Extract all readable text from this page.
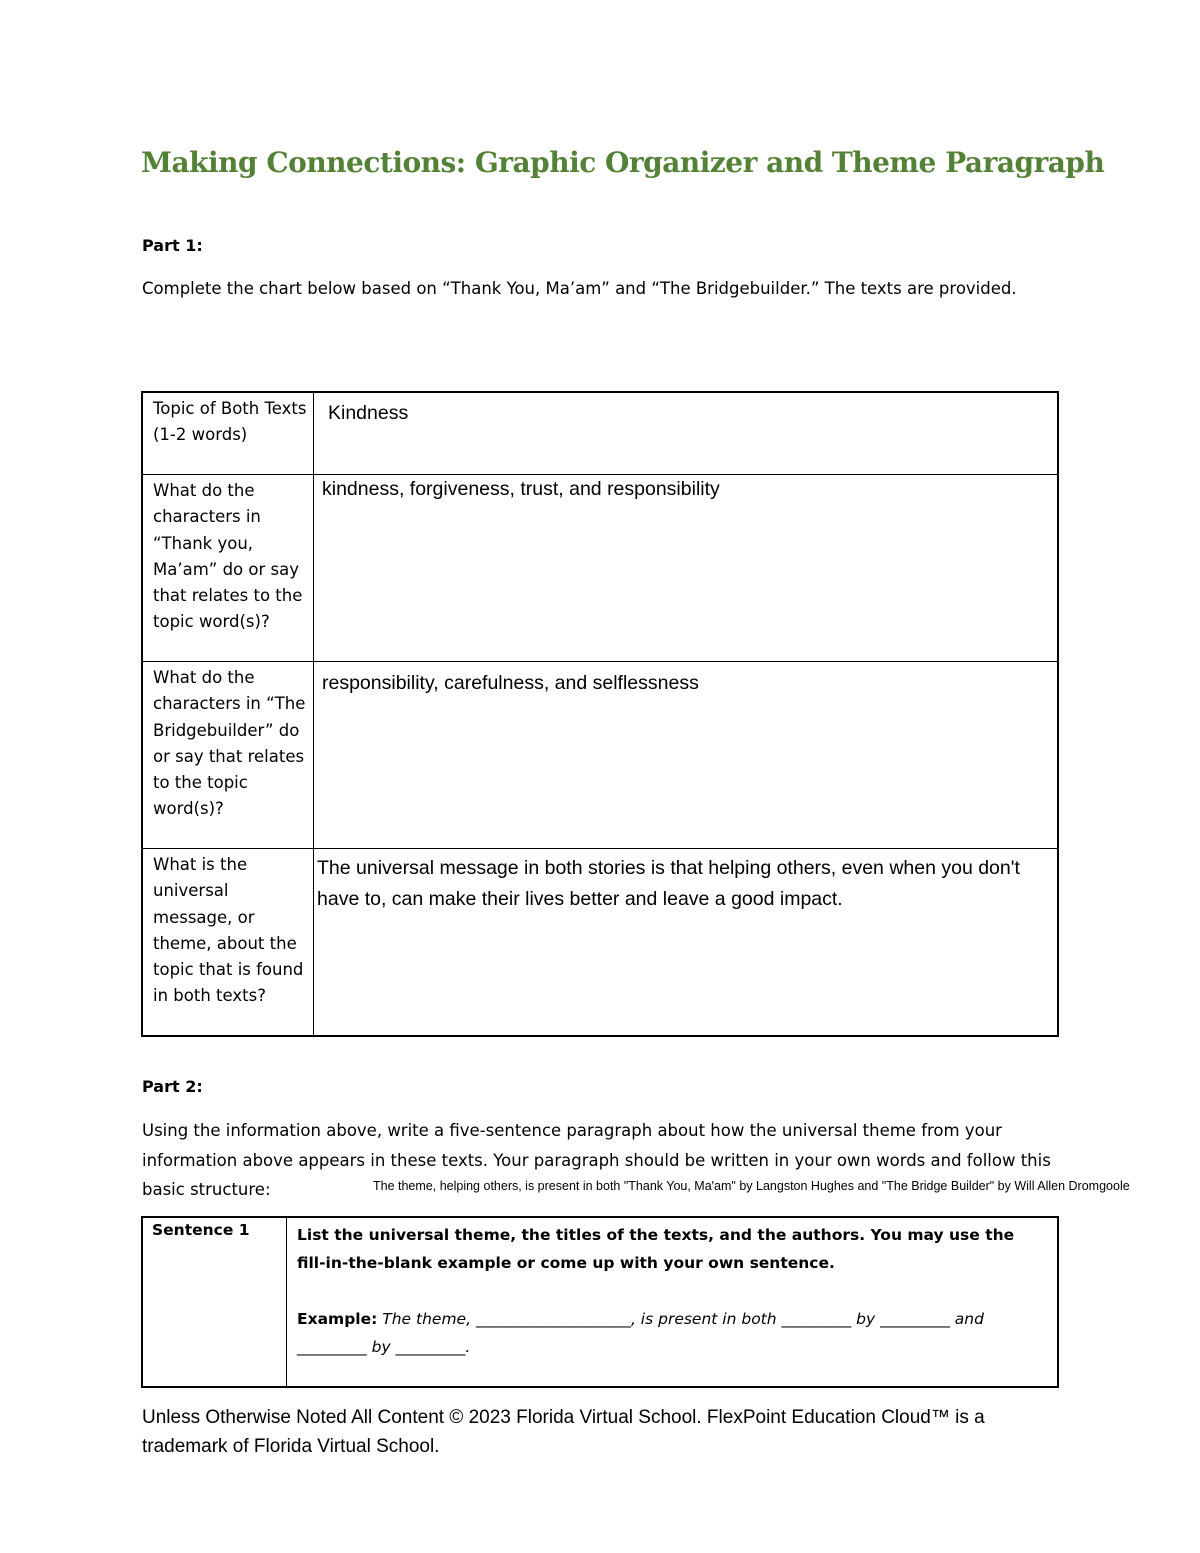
Making Connections: Graphic Organizer and Theme Paragraph

Part 1:

Complete the chart below based on “Thank You, Ma’am” and “The Bridgebuilder.” The texts are provided.

Topic of Both Texts (1-2 words)	Kindness

What do the characters in “Thank you, Ma’am” do or say that relates to the topic word(s)?	kindness, forgiveness, trust, and responsibility

What do the characters in “The Bridgebuilder” do or say that relates to the topic word(s)?	responsibility, carefulness, and selflessness

What is the universal message, or theme, about the topic that is found in both texts?	The universal message in both stories is that helping others, even when you don't have to, can make their lives better and leave a good impact.

Part 2:

Using the information above, write a five-sentence paragraph about how the universal theme from your information above appears in these texts. Your paragraph should be written in your own words and follow this basic structure:	The theme, helping others, is present in both "Thank You, Ma'am" by Langston Hughes and "The Bridge Builder" by Will Allen Dromgoole

Sentence 1	List the universal theme, the titles of the texts, and the authors. You may use the fill-in-the-blank example or come up with your own sentence.

Example: The theme, ____________________, is present in both _________ by _________ and _________ by _________.

Unless Otherwise Noted All Content © 2023 Florida Virtual School. FlexPoint Education Cloud™ is a trademark of Florida Virtual School.
